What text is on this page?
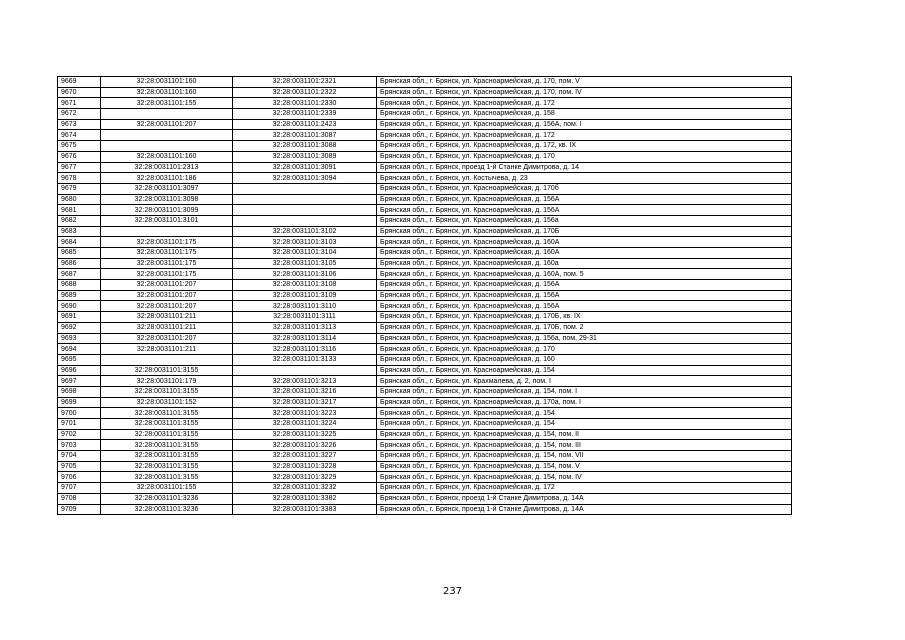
9669	32:28:0031101:160	32:28:0031101:2321	Брянская обл., г. Брянск, ул. Красноармейская, д. 170, пом. V
9670	32:28:0031101:160	32:28:0031101:2322	Брянская обл., г. Брянск, ул. Красноармейская, д. 170, пом. IV
9671	32:28:0031101:155	32:28:0031101:2330	Брянская обл., г. Брянск, ул. Красноармейская, д. 172
9672		32:28:0031101:2339	Брянская обл., г. Брянск, ул. Красноармейская, д. 158
9673	32:28:0031101:207	32:28:0031101:2423	Брянская обл., г. Брянск, ул. Красноармейская, д. 156А, пом. I
9674		32:28:0031101:3087	Брянская обл., г. Брянск, ул. Красноармейская, д. 172
9675		32:28:0031101:3088	Брянская обл., г. Брянск, ул. Красноармейская, д. 172, кв. IX
9676	32:28:0031101:160	32:28:0031101:3089	Брянская обл., г. Брянск, ул. Красноармейская, д. 170
9677	32:28:0031101:2313	32:28:0031101:3091	Брянская обл., г. Брянск, проезд 1-й Станке Димитрова, д. 14
9678	32:28:0031101:186	32:28:0031101:3094	Брянская обл., г. Брянск, ул. Костычева, д. 23
9679	32:28:0031101:3097		Брянская обл., г. Брянск, ул. Красноармейская, д. 170б
9680	32:28:0031101:3098		Брянская обл., г. Брянск, ул. Красноармейская, д. 156А
9681	32:28:0031101:3099		Брянская обл., г. Брянск, ул. Красноармейская, д. 156А
9682	32:28:0031101:3101		Брянская обл., г. Брянск, ул. Красноармейская, д. 156а
9683		32:28:0031101:3102	Брянская обл., г. Брянск, ул. Красноармейская, д. 170Б
9684	32:28:0031101:175	32:28:0031101:3103	Брянская обл., г. Брянск, ул. Красноармейская, д. 160А
9685	32:28:0031101:175	32:28:0031101:3104	Брянская обл., г. Брянск, ул. Красноармейская, д. 160А
9686	32:28:0031101:175	32:28:0031101:3105	Брянская обл., г. Брянск, ул. Красноармейская, д. 160а
9687	32:28:0031101:175	32:28:0031101:3106	Брянская обл., г. Брянск, ул. Красноармейская, д. 160А, пом. 5
9688	32:28:0031101:207	32:28:0031101:3108	Брянская обл., г. Брянск, ул. Красноармейская, д. 156А
9689	32:28:0031101:207	32:28:0031101:3109	Брянская обл., г. Брянск, ул. Красноармейская, д. 156А
9690	32:28:0031101:207	32:28:0031101:3110	Брянская обл., г. Брянск, ул. Красноармейская, д. 156А
9691	32:28:0031101:211	32:28:0031101:3111	Брянская обл., г. Брянск, ул. Красноармейская, д. 170Б, кв. IX
9692	32:28:0031101:211	32:28:0031101:3113	Брянская обл., г. Брянск, ул. Красноармейская, д. 170Б, пом. 2
9693	32:28:0031101:207	32:28:0031101:3114	Брянская обл., г. Брянск, ул. Красноармейская, д. 156а, пом. 29-31
9694	32:28:0031101:211	32:28:0031101:3116	Брянская обл., г. Брянск, ул. Красноармейская, д. 170
9695		32:28:0031101:3133	Брянская обл., г. Брянск, ул. Красноармейская, д. 160
9696	32:28:0031101:3155		Брянская обл., г. Брянск, ул. Красноармейская, д. 154
9697	32:28:0031101:179	32:28:0031101:3213	Брянская обл., г. Брянск, ул. Крахмалева, д. 2, пом. I
9698	32:28:0031101:3155	32:28:0031101:3216	Брянская обл., г. Брянск, ул. Красноармейская, д. 154, пом. I
9699	32:28:0031101:152	32:28:0031101:3217	Брянская обл., г. Брянск, ул. Красноармейская, д. 170а, пом. I
9700	32:28:0031101:3155	32:28:0031101:3223	Брянская обл., г. Брянск, ул. Красноармейская, д. 154
9701	32:28:0031101:3155	32:28:0031101:3224	Брянская обл., г. Брянск, ул. Красноармейская, д. 154
9702	32:28:0031101:3155	32:28:0031101:3225	Брянская обл., г. Брянск, ул. Красноармейская, д. 154, пом. II
9703	32:28:0031101:3155	32:28:0031101:3226	Брянская обл., г. Брянск, ул. Красноармейская, д. 154, пом. III
9704	32:28:0031101:3155	32:28:0031101:3227	Брянская обл., г. Брянск, ул. Красноармейская, д. 154, пом. VII
9705	32:28:0031101:3155	32:28:0031101:3228	Брянская обл., г. Брянск, ул. Красноармейская, д. 154, пом. V
9706	32:28:0031101:3155	32:28:0031101:3229	Брянская обл., г. Брянск, ул. Красноармейская, д. 154, пом. IV
9707	32:28:0031101:155	32:28:0031101:3232	Брянская обл., г. Брянск, ул. Красноармейская, д. 172
9708	32:28:0031101:3236	32:28:0031101:3382	Брянская обл., г. Брянск, проезд 1-й Станке Димитрова, д. 14А
9709	32:28:0031101:3236	32:28:0031101:3383	Брянская обл., г. Брянск, проезд 1-й Станке Димитрова, д. 14А
237
